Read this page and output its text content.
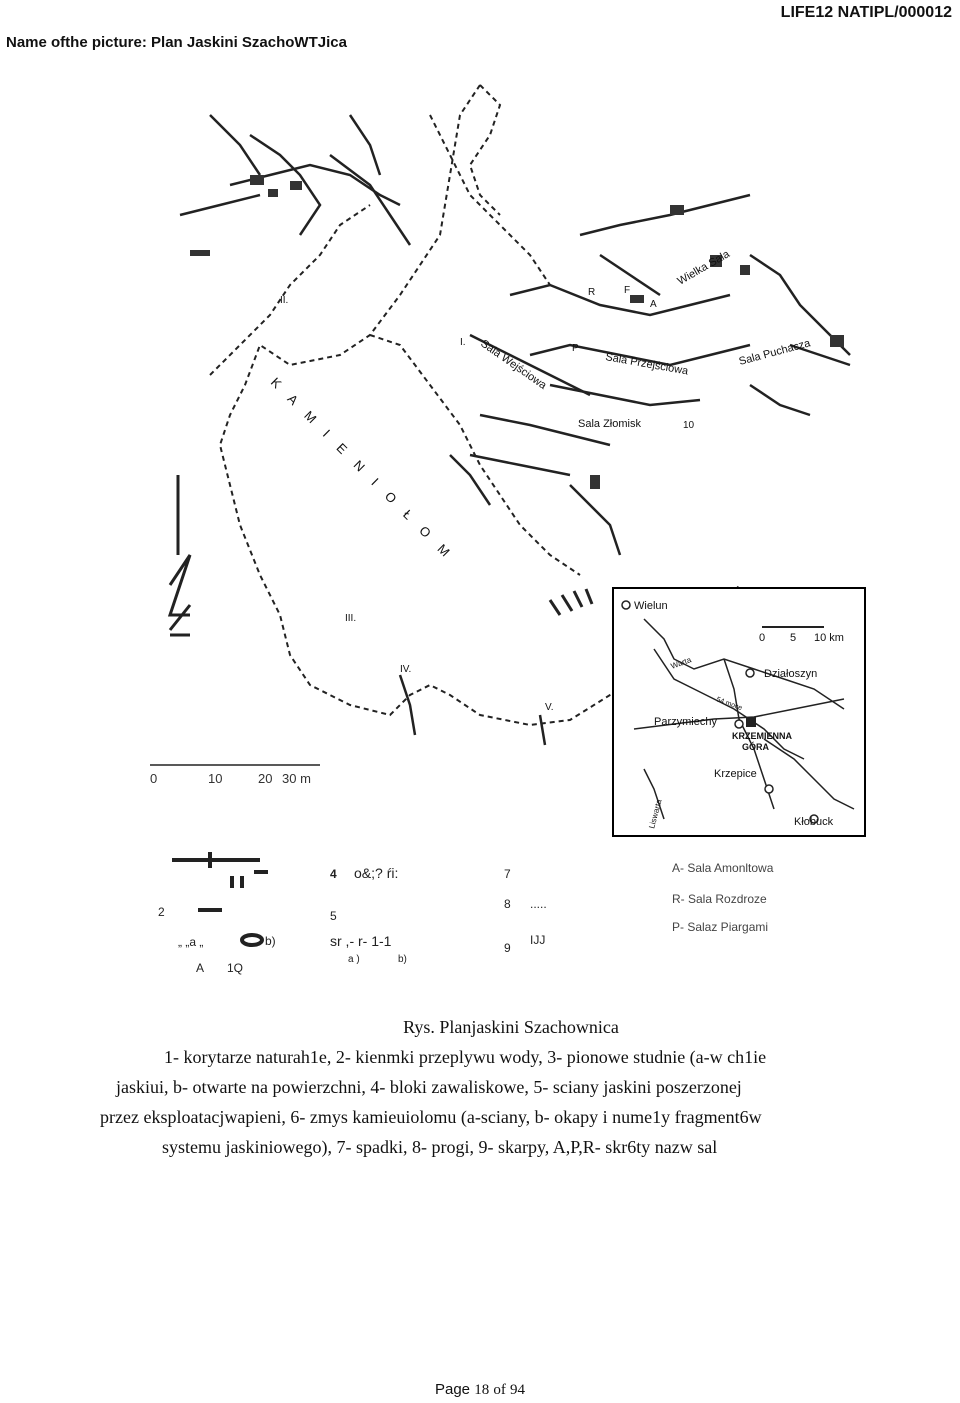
Name ofthe picture: Plan Jaskini SzachoWTJica
LIFE12 NATIPL/000012
Sala Wejściowa	Sala Przejściowa	Sala Puchacza
Sala Złomisk
Wielka Sala
K A M I E N I O Ł O M
I.
II.
III.
IV.
V.
A
P
R	F
10
0	10	20 30 m
Wielun
Działoszyn
Parzymiechy
KRZEMIENNA
GÓRA
Krzepice
Kłobuck
Warta
Liswarta
54 moce
0 5 10 km
2
„ „a „	b)
A 1Q
4 o&;? ŕi:
5
sr ,- r- 1-1
a )	b)
7
8 .....
9
IJJ
A- Sala Amonltowa
R- Sala Rozdroze
P- Salaz Piargami

Rys. Planjaskini Szachownica

1- korytarze naturah1e, 2- kienmki przeplywu wody, 3- pionowe studnie (a-w ch1ie

jaskiui, b- otwarte na powierzchni, 4- bloki zawaliskowe, 5- sciany jaskini poszerzonej

przez eksploatacjwapieni, 6- zmys kamieuiolomu (a-sciany, b- okapy i nume1y fragment6w

systemu jaskiniowego), 7- spadki, 8- progi, 9- skarpy, A,P,R- skr6ty nazw sal

Page 18 of 94
